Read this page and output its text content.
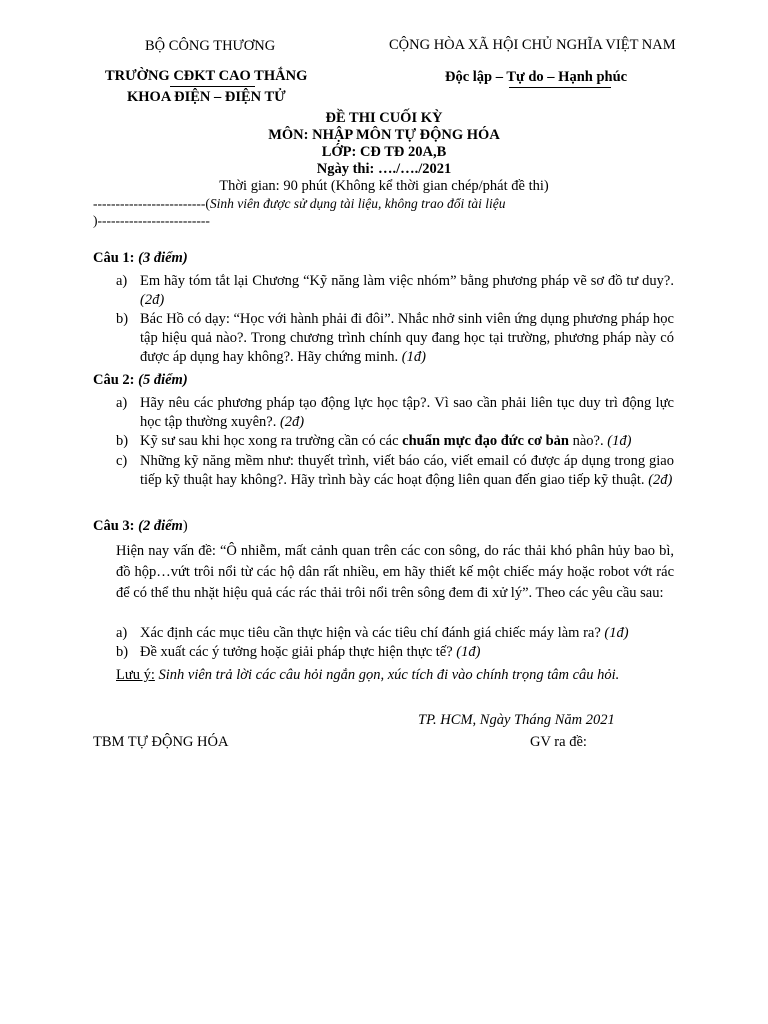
BỘ CÔNG THƯƠNG	CỘNG HÒA XÃ HỘI CHỦ NGHĨA VIỆT NAM
TRƯỜNG CĐKT CAO THẮNG
KHOA ĐIỆN – ĐIỆN TỬ
Độc lập – Tự do – Hạnh phúc
ĐỀ THI CUỐI KỲ
MÔN: NHẬP MÔN TỰ ĐỘNG HÓA
LỚP: CĐ TĐ 20A,B
Ngày thi: …./…./2021
Thời gian: 90 phút (Không kể thời gian chép/phát đề thi)
-------------------------(Sinh viên được sử dụng tài liệu, không trao đổi tài liệu
)-------------------------
Câu 1: (3 điểm)
a) Em hãy tóm tắt lại Chương “Kỹ năng làm việc nhóm” bằng phương pháp vẽ sơ đồ tư duy?. (2đ)
b) Bác Hồ có dạy: “Học với hành phải đi đôi”. Nhắc nhở sinh viên ứng dụng phương pháp học tập hiệu quả nào?. Trong chương trình chính quy đang học tại trường, phương pháp này có được áp dụng hay không?. Hãy chứng minh. (1đ)
Câu 2: (5 điểm)
a) Hãy nêu các phương pháp tạo động lực học tập?. Vì sao cần phải liên tục duy trì động lực học tập thường xuyên?. (2đ)
b) Kỹ sư sau khi học xong ra trường cần có các chuẩn mực đạo đức cơ bản nào?. (1đ)
c) Những kỹ năng mềm như: thuyết trình, viết báo cáo, viết email có được áp dụng trong giao tiếp kỹ thuật hay không?. Hãy trình bày các hoạt động liên quan đến giao tiếp kỹ thuật. (2đ)
Câu 3: (2 điểm)
Hiện nay vấn đề: “Ô nhiễm, mất cảnh quan trên các con sông, do rác thải khó phân hủy bao bì, đồ hộp…vứt trôi nổi từ các hộ dân rất nhiều, em hãy thiết kế một chiếc máy hoặc robot vớt rác để có thể thu nhặt hiệu quả các rác thải trôi nổi trên sông đem đi xử lý”. Theo các yêu cầu sau:
a) Xác định các mục tiêu cần thực hiện và các tiêu chí đánh giá chiếc máy làm ra? (1đ)
b) Đề xuất các ý tưởng hoặc giải pháp thực hiện thực tế? (1đ)
Lưu ý: Sinh viên trả lời các câu hỏi ngắn gọn, xúc tích đi vào chính trọng tâm câu hỏi.
TP. HCM, Ngày Tháng Năm 2021
TBM TỰ ĐỘNG HÓA	GV ra đề:
